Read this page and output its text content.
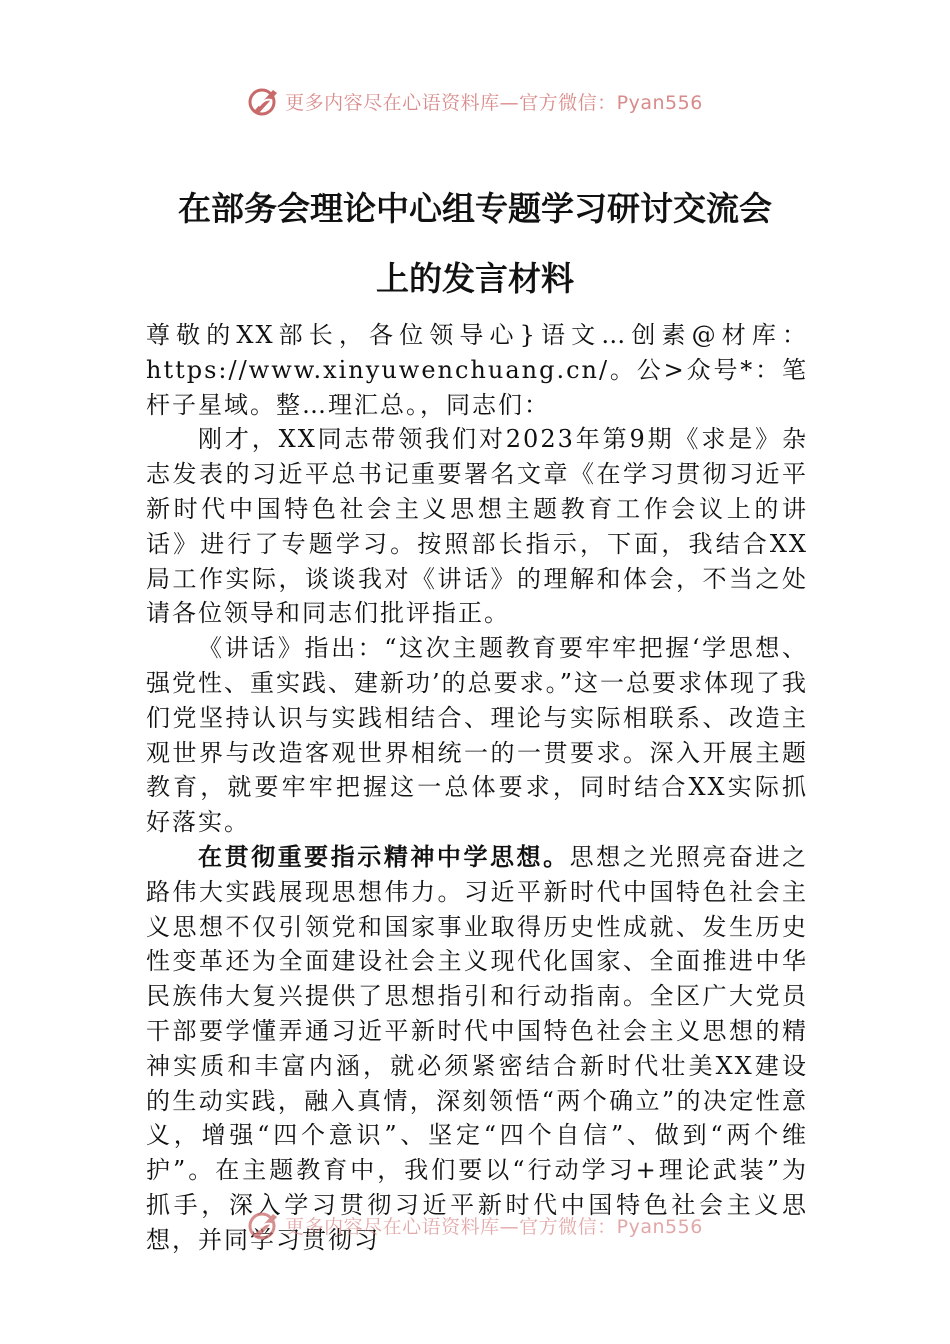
更多内容尽在心语资料库—官方微信：Pyan556
在部务会理论中心组专题学习研讨交流会
上的发言材料

尊敬的XX部长，各位领导心}语文…创素@材库：https://www.xinyuwenchuang.cn/。公>众号*：笔杆子星域。整…理汇总。，同志们：

刚才，XX同志带领我们对2023年第9期《求是》杂志发表的习近平总书记重要署名文章《在学习贯彻习近平新时代中国特色社会主义思想主题教育工作会议上的讲话》进行了专题学习。按照部长指示，下面，我结合XX局工作实际，谈谈我对《讲话》的理解和体会，不当之处请各位领导和同志们批评指正。

《讲话》指出：“这次主题教育要牢牢把握‘学思想、强党性、重实践、建新功’的总要求。”这一总要求体现了我们党坚持认识与实践相结合、理论与实际相联系、改造主观世界与改造客观世界相统一的一贯要求。深入开展主题教育，就要牢牢把握这一总体要求，同时结合XX实际抓好落实。

在贯彻重要指示精神中学思想。思想之光照亮奋进之路伟大实践展现思想伟力。习近平新时代中国特色社会主义思想不仅引领党和国家事业取得历史性成就、发生历史性变革还为全面建设社会主义现代化国家、全面推进中华民族伟大复兴提供了思想指引和行动指南。全区广大党员干部要学懂弄通习近平新时代中国特色社会主义思想的精神实质和丰富内涵，就必须紧密结合新时代壮美XX建设的生动实践，融入真情，深刻领悟“两个确立”的决定性意义，增强“四个意识”、坚定“四个自信”、做到“两个维护”。在主题教育中，我们要以“行动学习+理论武装”为抓手，深入学习贯彻习近平新时代中国特色社会主义思想，并同学习贯彻习

更多内容尽在心语资料库—官方微信：Pyan556
